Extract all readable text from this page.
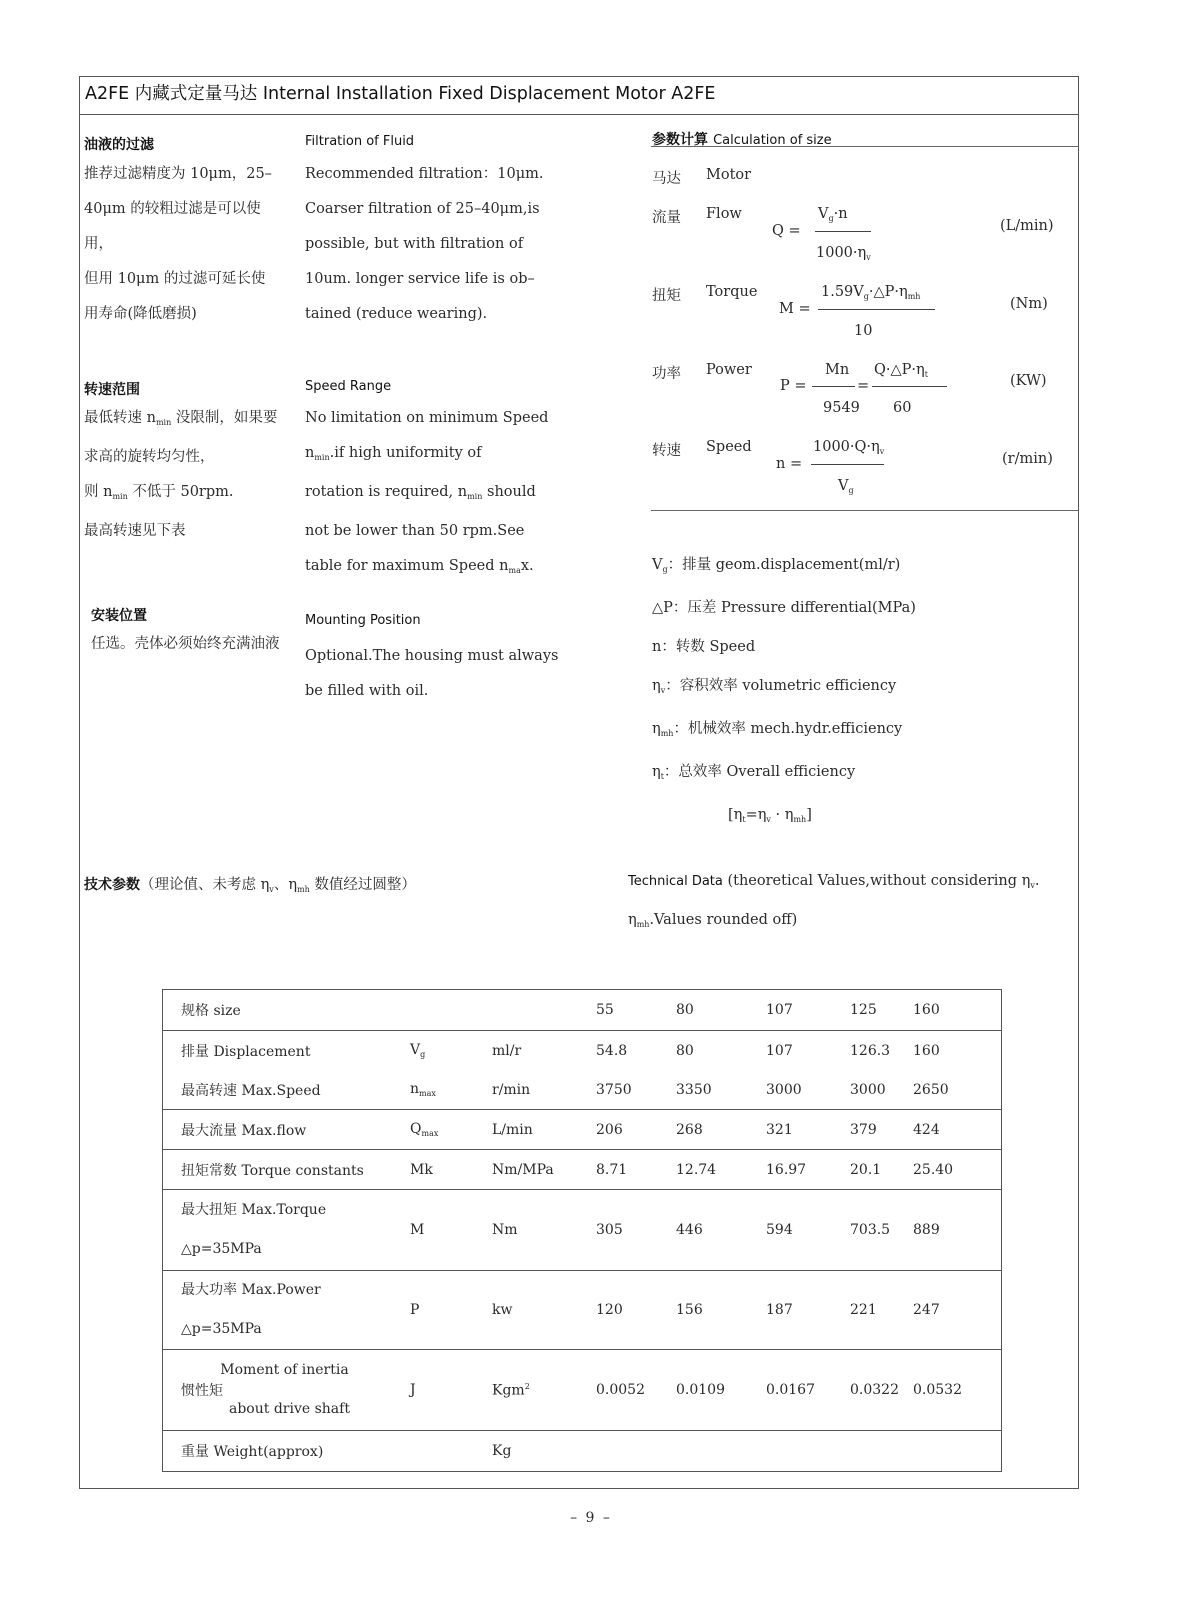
A2FE 内藏式定量马达 Internal Installation Fixed Displacement Motor A2FE
油液的过滤	Filtration of Fluid
推荐过滤精度为 10μm，25–
40μm 的较粗过滤是可以使
用，
但用 10μm 的过滤可延长使
用寿命(降低磨损)
Recommended filtration：10μm.
Coarser filtration of 25–40μm,is
possible, but with filtration of
10um. longer service life is ob–
tained (reduce wearing).
转速范围	Speed Range
最低转速 $n_{min}$ 没限制，如果要
求高的旋转均匀性，
则 $n_{min}$ 不低于 50rpm.
最高转速见下表
No limitation on minimum Speed
$n_{min}.if$ high uniformity of
rotation is required, $n_{min}$ should
not be lower than 50 rpm.See
table for maximum Speed $n_{ma}x$.
安装位置
任选。壳体必须始终充满油液
Mounting Position
Optional.The housing must always
be filled with oil.
参数计算 Calculation of size
马达 Motor
流量 Flow
Q =
$V_g\cdot n$
$1000\cdot\eta_v$
(L/min)
扭矩 Torque
M =
$1.59V_g\cdot\triangle P\cdot\eta_{mh}$
10
(Nm)
功率 Power
P =
Mn
9549
=
$Q\cdot\triangle P\cdot\eta_t$
60
(KW)
转速 Speed
n =
$1000\cdot Q\cdot\eta_v$
$V_g$
(r/min)
$V_g$：排量 geom.displacement(ml/r)
△P：压差 Pressure differential(MPa)
n：转数 Speed
$\eta_v$：容积效率 volumetric efficiency
$\eta_{mh}$：机械效率 mech.hydr.efficiency
$\eta_t$：总效率 Overall efficiency
$[\eta_t=\eta_v \cdot \eta_{mh}]$
技术参数（理论值、未考虑 $\eta_v$、$\eta_{mh}$ 数值经过圆整）	Technical Data (theoretical Values,without considering $\eta_v$.
$\eta_{mh}.Values$ rounded off)
规格 size			55	80	107	125	160
排量 Displacement	$V_g$	ml/r	54.8	80	107	126.3	160
最高转速 Max.Speed	$n_{max}$	r/min	3750	3350	3000	3000	2650
最大流量 Max.flow	$Q_{max}$	L/min	206	268	321	379	424
扭矩常数 Torque constants	Mk	Nm/MPa	8.71	12.74	16.97	20.1	25.40

最大扭矩 Max.Torque
△p=35MPa	M	Nm	305	446	594	703.5	889

最大功率 Max.Power
△p=35MPa	P	kw	120	156	187	221	247

惯性矩
Moment of inertia
about drive shaft	J	Kgm$^2$	0.0052	0.0109	0.0167	0.0322	0.0532
重量 Weight(approx)		Kg					
– 9 –
